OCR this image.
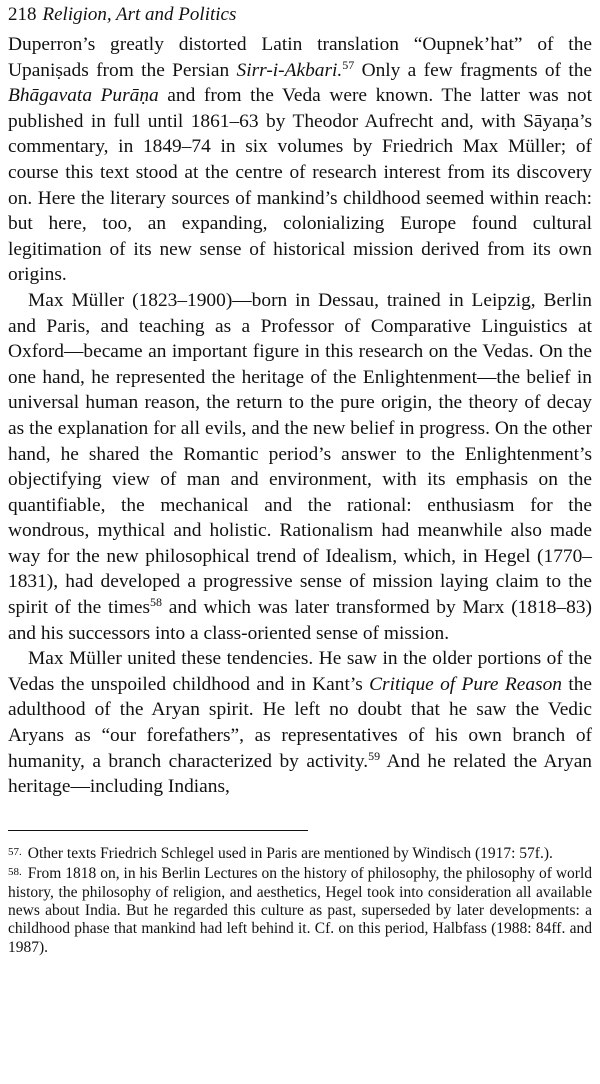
218 Religion, Art and Politics

Duperron’s greatly distorted Latin translation “Oupnek’hat” of the Upaniṣads from the Persian Sirr-i-Akbari.$^{57}$ Only a few fragments of the Bhāgavata Purāṇa and from the Veda were known. The latter was not published in full until 1861–63 by Theodor Aufrecht and, with Sāyaṇa’s commentary, in 1849–74 in six volumes by Friedrich Max Müller; of course this text stood at the centre of research interest from its discovery on. Here the literary sources of mankind’s childhood seemed within reach: but here, too, an expanding, colonializing Europe found cultural legitimation of its new sense of historical mission derived from its own origins.

Max Müller (1823–1900)—born in Dessau, trained in Leipzig, Berlin and Paris, and teaching as a Professor of Comparative Linguistics at Oxford—became an important figure in this research on the Vedas. On the one hand, he represented the heritage of the Enlightenment—the belief in universal human reason, the return to the pure origin, the theory of decay as the explanation for all evils, and the new belief in progress. On the other hand, he shared the Romantic period’s answer to the Enlightenment’s objectifying view of man and environment, with its emphasis on the quantifiable, the mechanical and the rational: enthusiasm for the wondrous, mythical and holistic. Rationalism had meanwhile also made way for the new philosophical trend of Idealism, which, in Hegel (1770–1831), had developed a progressive sense of mission laying claim to the spirit of the times$^{58}$ and which was later transformed by Marx (1818–83) and his successors into a class-oriented sense of mission.

Max Müller united these tendencies. He saw in the older portions of the Vedas the unspoiled childhood and in Kant’s Critique of Pure Reason the adulthood of the Aryan spirit. He left no doubt that he saw the Vedic Aryans as “our forefathers”, as representatives of his own branch of humanity, a branch characterized by activity.$^{59}$ And he related the Aryan heritage—including Indians,

57. Other texts Friedrich Schlegel used in Paris are mentioned by Windisch (1917: 57f.).

58. From 1818 on, in his Berlin Lectures on the history of philosophy, the philosophy of world history, the philosophy of religion, and aesthetics, Hegel took into consideration all available news about India. But he regarded this culture as past, superseded by later developments: a childhood phase that mankind had left behind it. Cf. on this period, Halbfass (1988: 84ff. and 1987).
